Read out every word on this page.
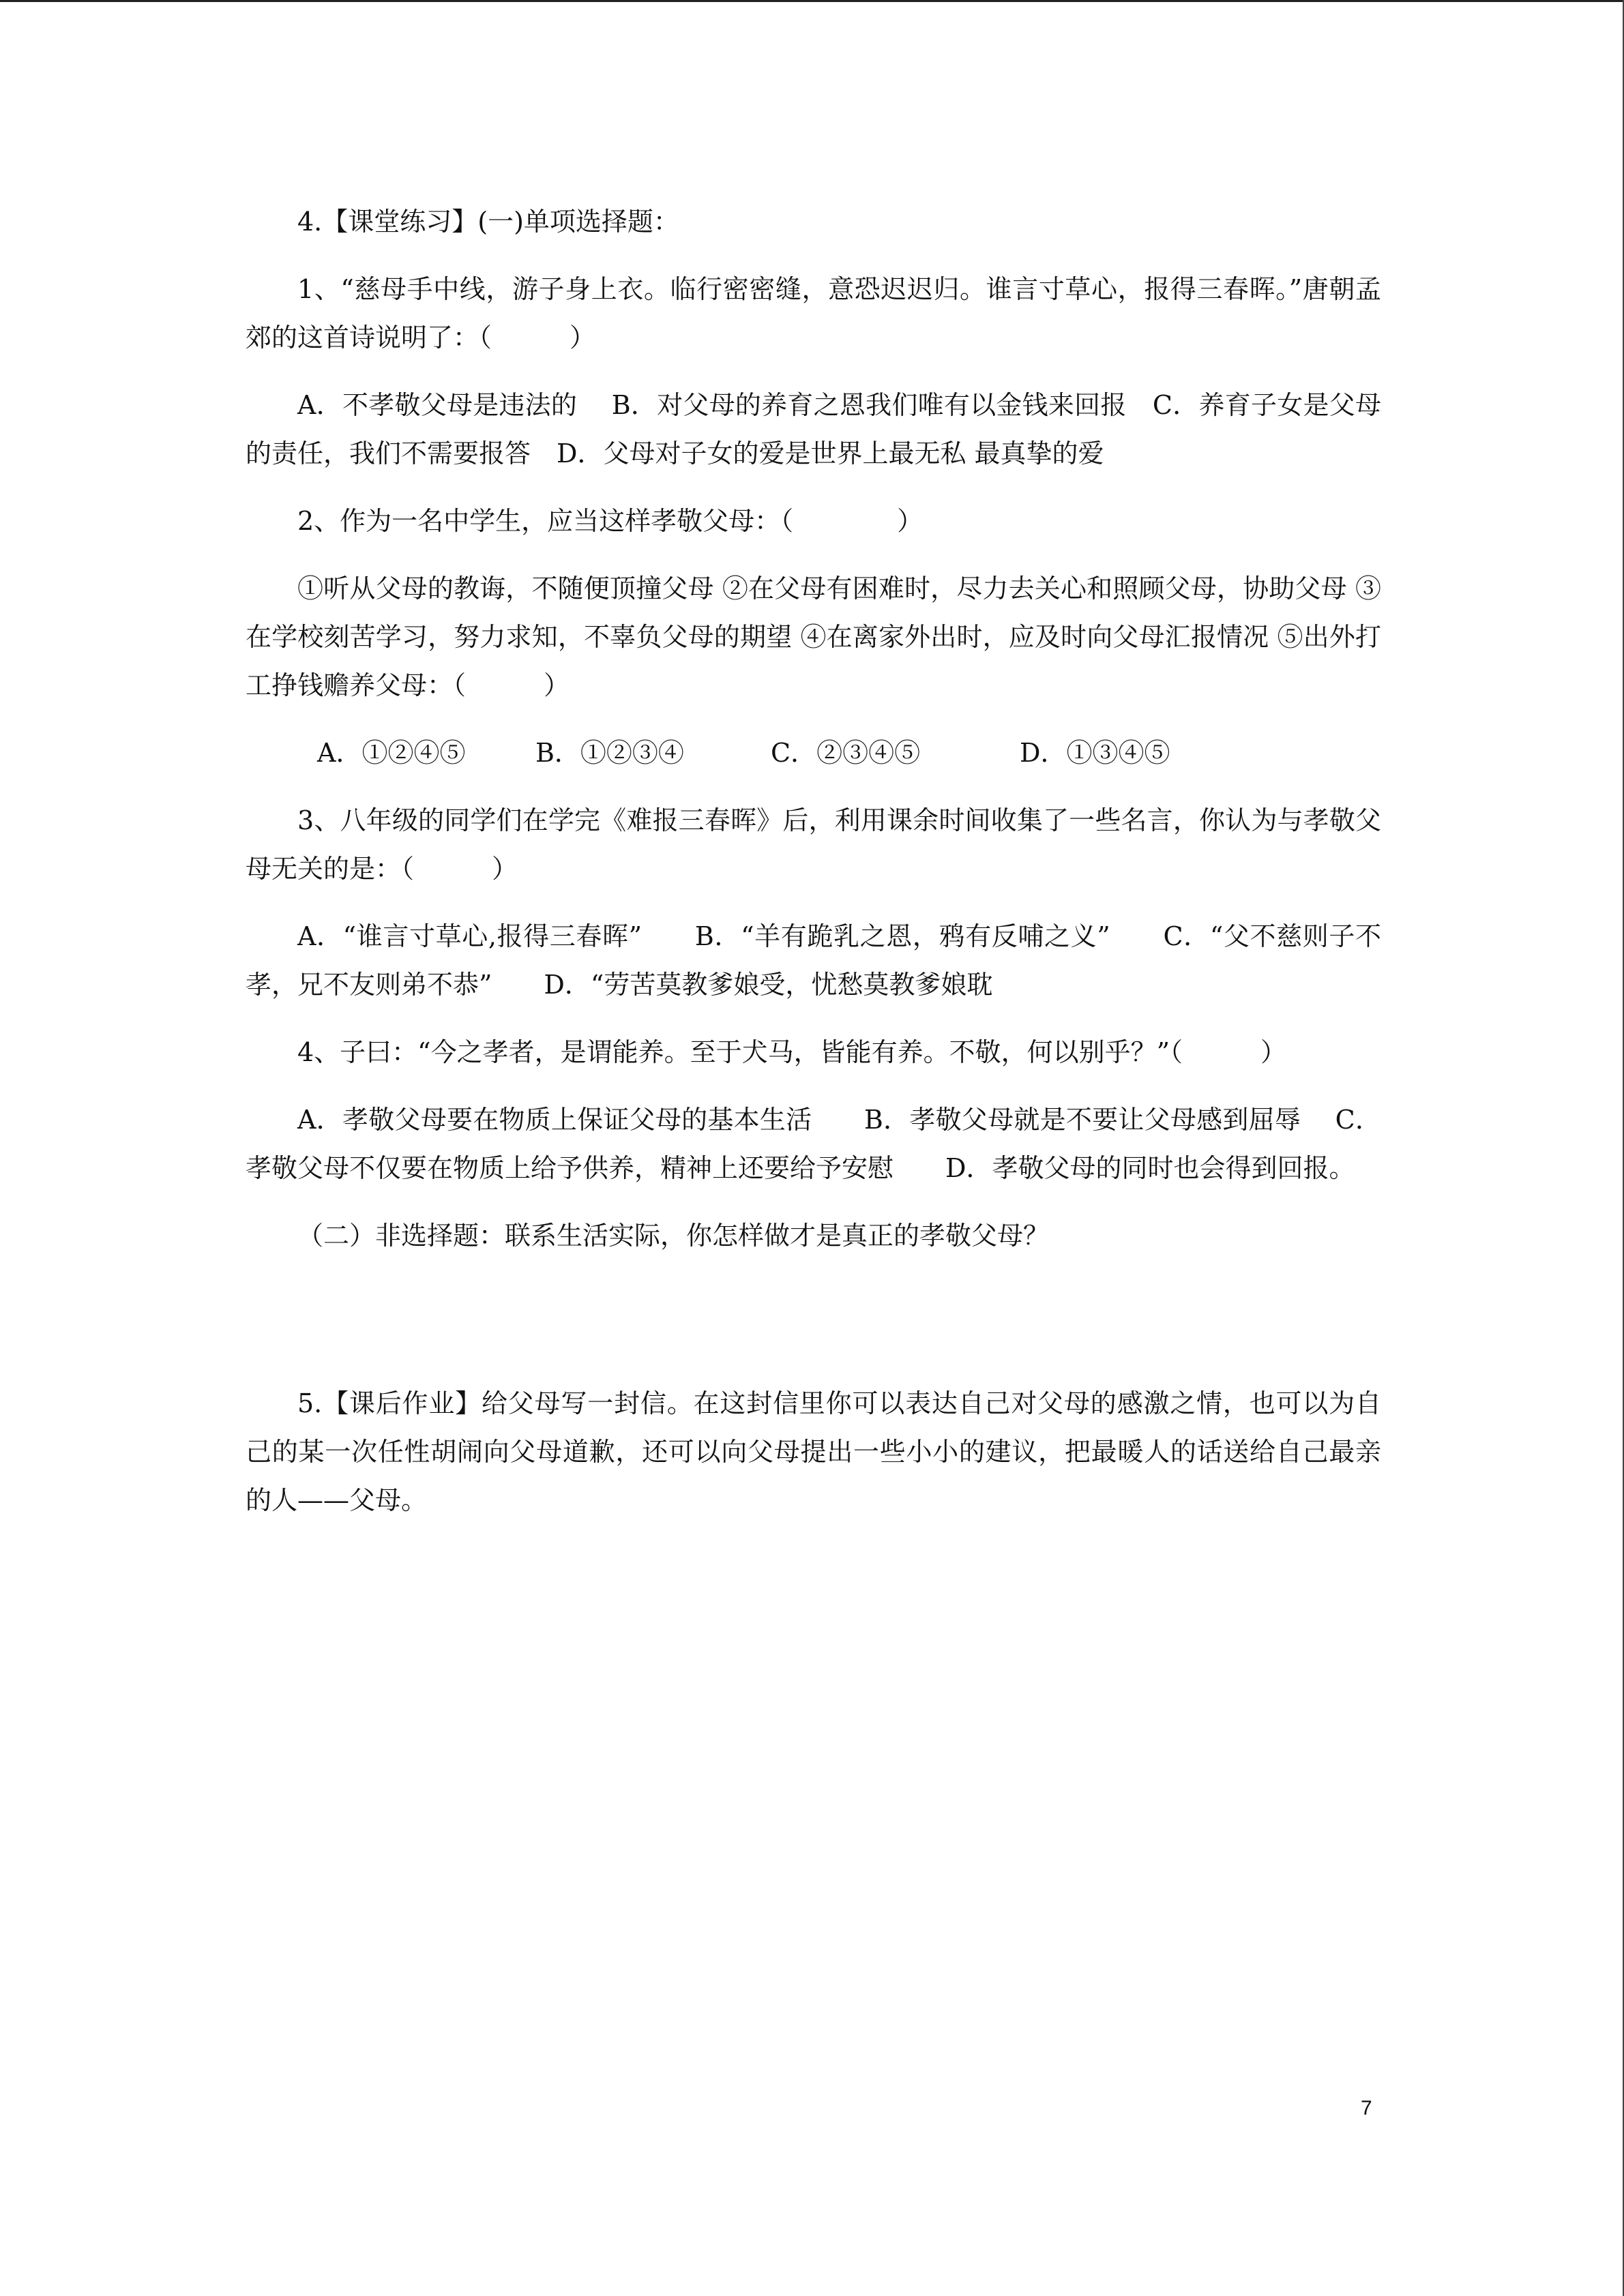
4.【课堂练习】(一)单项选择题：

1、“慈母手中线，游子身上衣。临行密密缝，意恐迟迟归。谁言寸草心，报得三春晖。”唐朝孟郊的这首诗说明了：（　　　）

A．不孝敬父母是违法的　 B．对父母的养育之恩我们唯有以金钱来回报　C．养育子女是父母的责任，我们不需要报答　D．父母对子女的爱是世界上最无私 最真挚的爱

2、作为一名中学生，应当这样孝敬父母：（　　　　）

①听从父母的教诲，不随便顶撞父母 ②在父母有困难时，尽力去关心和照顾父母，协助父母 ③在学校刻苦学习，努力求知，不辜负父母的期望 ④在离家外出时，应及时向父母汇报情况 ⑤出外打工挣钱赡养父母：（　　　）

A．①②④⑤	B．①②③④	C．②③④⑤	D．①③④⑤

3、八年级的同学们在学完《难报三春晖》后，利用课余时间收集了一些名言，你认为与孝敬父母无关的是：（　　　）

A．“谁言寸草心,报得三春晖”　　B．“羊有跪乳之恩，鸦有反哺之义”　　C．“父不慈则子不孝，兄不友则弟不恭”　　D．“劳苦莫教爹娘受，忧愁莫教爹娘耽

4、子曰：“今之孝者，是谓能养。至于犬马，皆能有养。不敬，何以别乎？”（　　　）

A．孝敬父母要在物质上保证父母的基本生活　　B．孝敬父母就是不要让父母感到屈辱　 C．孝敬父母不仅要在物质上给予供养，精神上还要给予安慰　　D．孝敬父母的同时也会得到回报。

（二）非选择题：联系生活实际，你怎样做才是真正的孝敬父母？

5.【课后作业】给父母写一封信。在这封信里你可以表达自己对父母的感激之情，也可以为自己的某一次任性胡闹向父母道歉，还可以向父母提出一些小小的建议，把最暖人的话送给自己最亲的人——父母。

7
